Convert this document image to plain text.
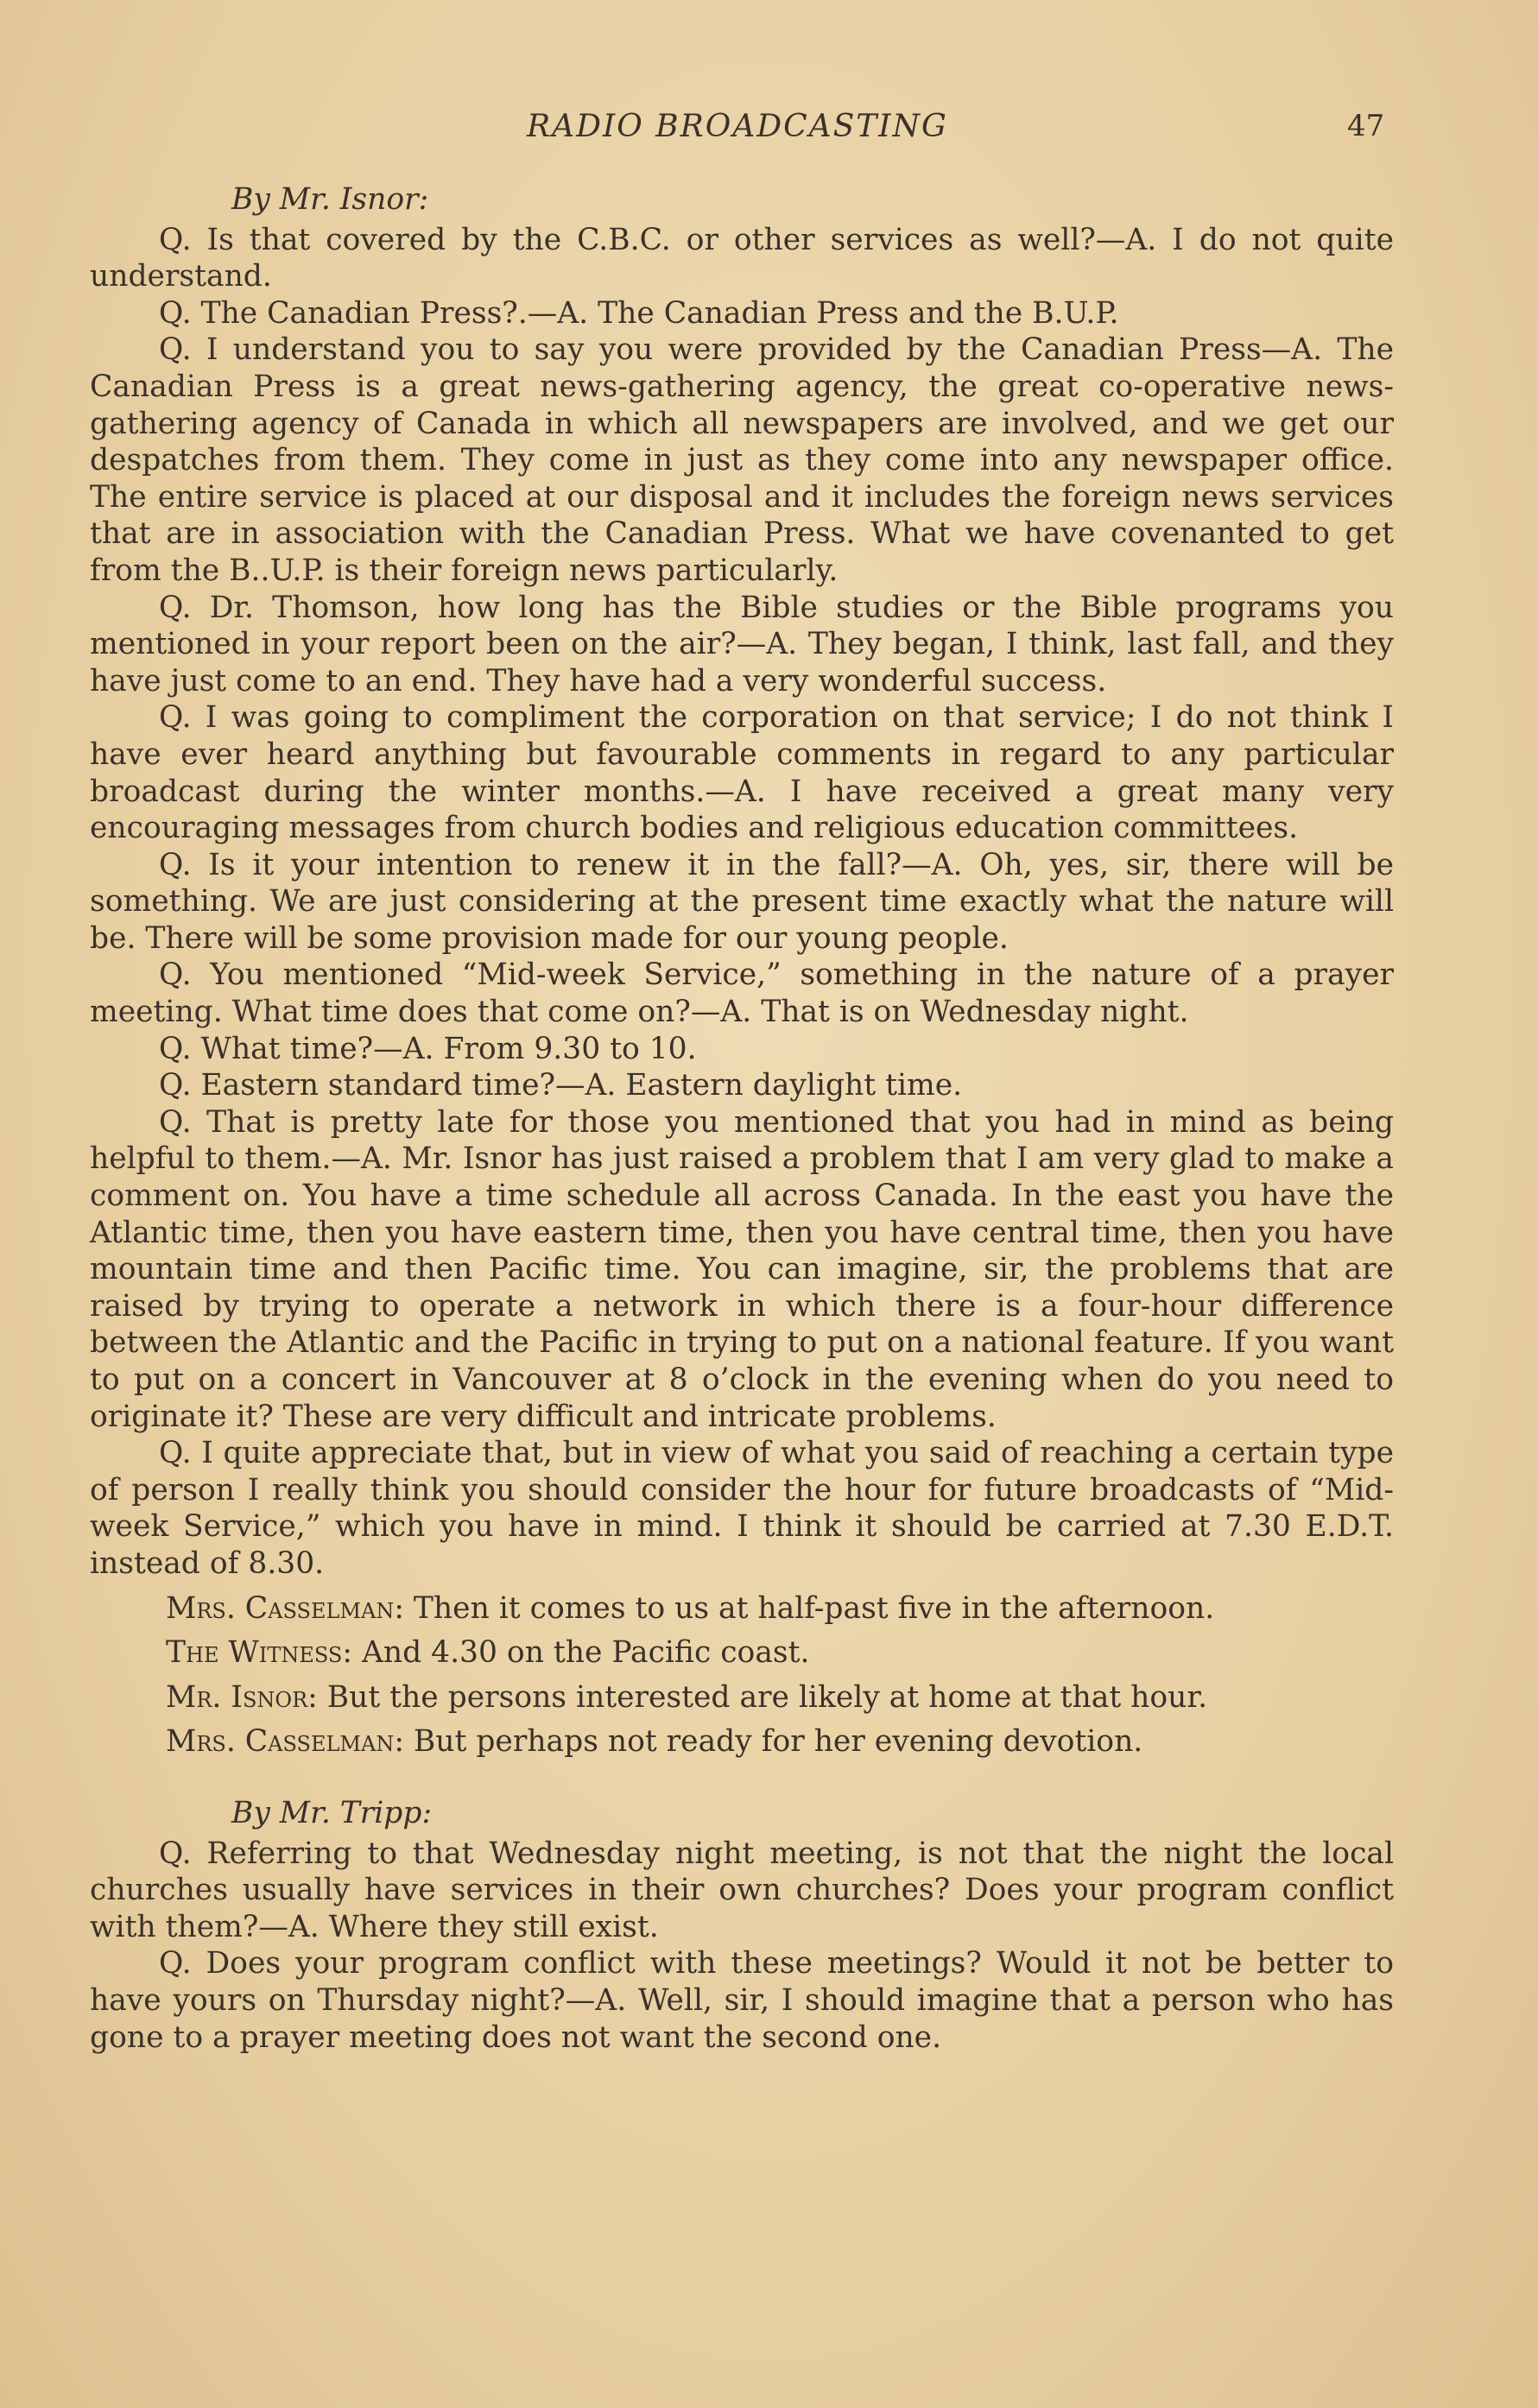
RADIO BROADCASTING	47
By Mr. Isnor:

Q. Is that covered by the C.B.C. or other services as well?—A. I do not quite understand.

Q. The Canadian Press?.—A. The Canadian Press and the B.U.P.

Q. I understand you to say you were provided by the Canadian Press—A. The Canadian Press is a great news-gathering agency, the great co-operative news-gathering agency of Canada in which all newspapers are involved, and we get our despatches from them. They come in just as they come into any newspaper office. The entire service is placed at our disposal and it includes the foreign news services that are in association with the Canadian Press. What we have covenanted to get from the B..U.P. is their foreign news particularly.

Q. Dr. Thomson, how long has the Bible studies or the Bible programs you mentioned in your report been on the air?—A. They began, I think, last fall, and they have just come to an end. They have had a very wonderful success.

Q. I was going to compliment the corporation on that service; I do not think I have ever heard anything but favourable comments in regard to any particular broadcast during the winter months.—A. I have received a great many very encouraging messages from church bodies and religious education committees.

Q. Is it your intention to renew it in the fall?—A. Oh, yes, sir, there will be something. We are just considering at the present time exactly what the nature will be. There will be some provision made for our young people.

Q. You mentioned “Mid-week Service,” something in the nature of a prayer meeting. What time does that come on?—A. That is on Wednesday night.

Q. What time?—A. From 9.30 to 10.

Q. Eastern standard time?—A. Eastern daylight time.

Q. That is pretty late for those you mentioned that you had in mind as being helpful to them.—A. Mr. Isnor has just raised a problem that I am very glad to make a comment on. You have a time schedule all across Canada. In the east you have the Atlantic time, then you have eastern time, then you have central time, then you have mountain time and then Pacific time. You can imagine, sir, the problems that are raised by trying to operate a network in which there is a four-hour difference between the Atlantic and the Pacific in trying to put on a national feature. If you want to put on a concert in Vancouver at 8 o’clock in the evening when do you need to originate it? These are very difficult and intricate problems.

Q. I quite appreciate that, but in view of what you said of reaching a certain type of person I really think you should consider the hour for future broadcasts of “Mid-week Service,” which you have in mind. I think it should be carried at 7.30 E.D.T. instead of 8.30.

Mrs. Casselman: Then it comes to us at half-past five in the afternoon.

The Witness: And 4.30 on the Pacific coast.

Mr. Isnor: But the persons interested are likely at home at that hour.

Mrs. Casselman: But perhaps not ready for her evening devotion.

By Mr. Tripp:

Q. Referring to that Wednesday night meeting, is not that the night the local churches usually have services in their own churches? Does your program conflict with them?—A. Where they still exist.

Q. Does your program conflict with these meetings? Would it not be better to have yours on Thursday night?—A. Well, sir, I should imagine that a person who has gone to a prayer meeting does not want the second one.
